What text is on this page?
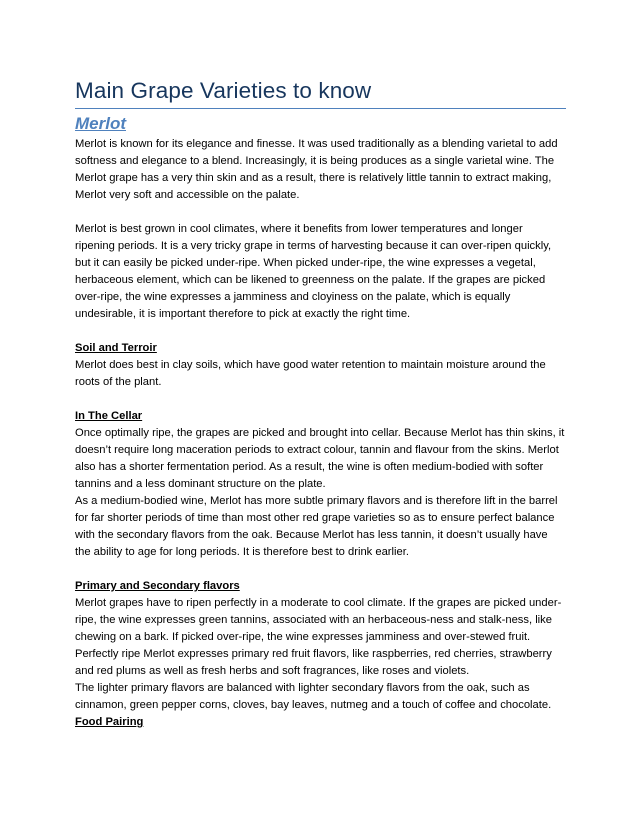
Main Grape Varieties to know
Merlot

Merlot is known for its elegance and finesse. It was used traditionally as a blending varietal to add softness and elegance to a blend. Increasingly, it is being produces as a single varietal wine. The Merlot grape has a very thin skin and as a result, there is relatively little tannin to extract making, Merlot very soft and accessible on the palate.

Merlot is best grown in cool climates, where it benefits from lower temperatures and longer ripening periods. It is a very tricky grape in terms of harvesting because it can over-ripen quickly, but it can easily be picked under-ripe. When picked under-ripe, the wine expresses a vegetal, herbaceous element, which can be likened to greenness on the palate. If the grapes are picked over-ripe, the wine expresses a jamminess and cloyiness on the palate, which is equally undesirable, it is important therefore to pick at exactly the right time.

Soil and Terroir

Merlot does best in clay soils, which have good water retention to maintain moisture around the roots of the plant.

In The Cellar

Once optimally ripe, the grapes are picked and brought into cellar. Because Merlot has thin skins, it doesn’t require long maceration periods to extract colour, tannin and flavour from the skins. Merlot also has a shorter fermentation period. As a result, the wine is often medium-bodied with softer tannins and a less dominant structure on the plate.

As a medium-bodied wine, Merlot has more subtle primary flavors and is therefore lift in the barrel for far shorter periods of time than most other red grape varieties so as to ensure perfect balance with the secondary flavors from the oak. Because Merlot has less tannin, it doesn’t usually have the ability to age for long periods. It is therefore best to drink earlier.

Primary and Secondary flavors

Merlot grapes have to ripen perfectly in a moderate to cool climate. If the grapes are picked under-ripe, the wine expresses green tannins, associated with an herbaceous-ness and stalk-ness, like chewing on a bark. If picked over-ripe, the wine expresses jamminess and over-stewed fruit. Perfectly ripe Merlot expresses primary red fruit flavors, like raspberries, red cherries, strawberry and red plums as well as fresh herbs and soft fragrances, like roses and violets.

The lighter primary flavors are balanced with lighter secondary flavors from the oak, such as cinnamon, green pepper corns, cloves, bay leaves, nutmeg and a touch of coffee and chocolate.

Food Pairing
